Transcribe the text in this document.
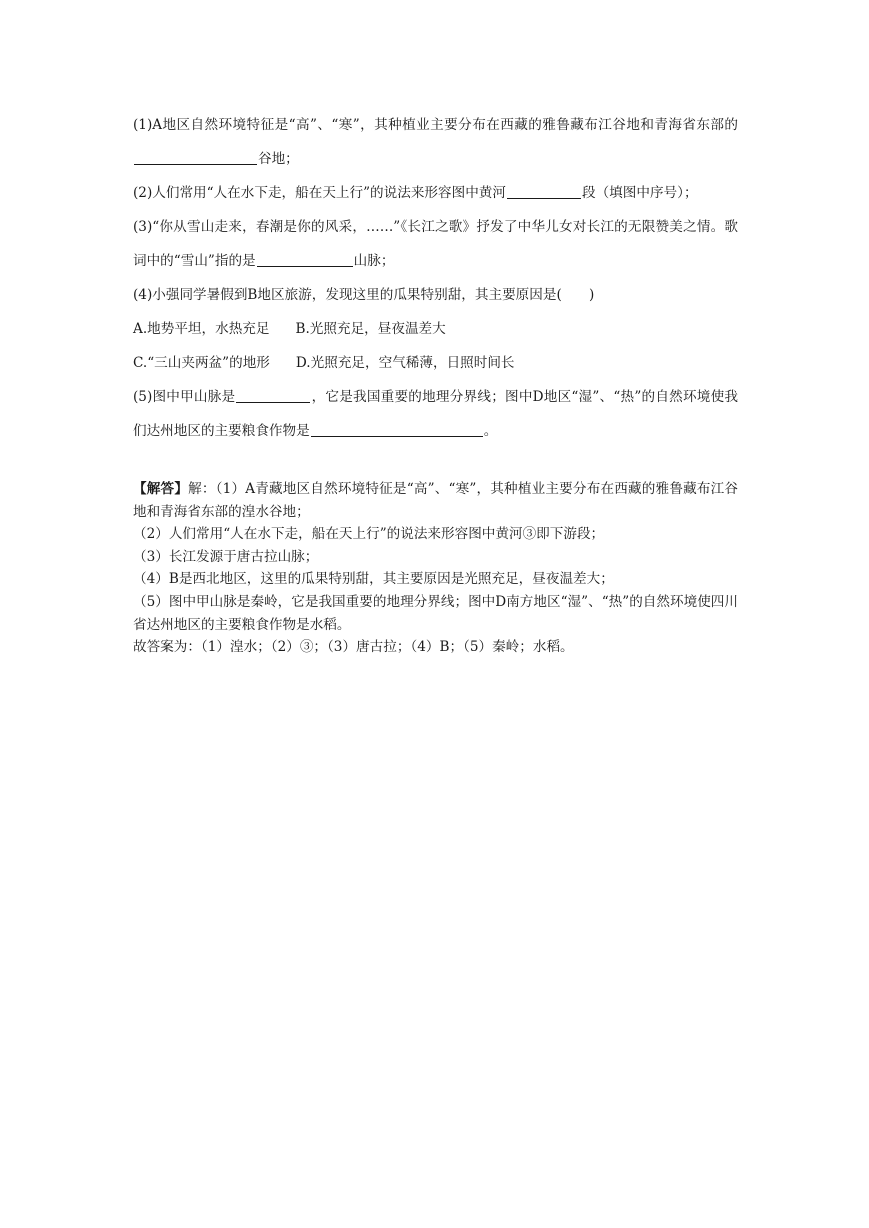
(1)A地区自然环境特征是“高”、“寒”，其种植业主要分布在西藏的雅鲁藏布江谷地和青海省东部的谷地；

(2)人们常用“人在水下走，船在天上行”的说法来形容图中黄河	段（填图中序号）；

(3)“你从雪山走来，春潮是你的风采，……”《长江之歌》抒发了中华儿女对长江的无限赞美之情。歌词中的“雪山”指的是	山脉；

(4)小强同学暑假到B地区旅游，发现这里的瓜果特别甜，其主要原因是(　　)

A.地势平坦，水热充足 B.光照充足，昼夜温差大

C.“三山夹两盆”的地形 D.光照充足，空气稀薄，日照时间长

(5)图中甲山脉是	，它是我国重要的地理分界线；图中D地区“湿”、“热”的自然环境使我们达州地区的主要粮食作物是	。

【解答】解：（1）A青藏地区自然环境特征是“高”、“寒”，其种植业主要分布在西藏的雅鲁藏布江谷地和青海省东部的湟水谷地；

（2）人们常用“人在水下走，船在天上行”的说法来形容图中黄河③即下游段；

（3）长江发源于唐古拉山脉；

（4）B是西北地区，这里的瓜果特别甜，其主要原因是光照充足，昼夜温差大；

（5）图中甲山脉是秦岭，它是我国重要的地理分界线；图中D南方地区“湿”、“热”的自然环境使四川省达州地区的主要粮食作物是水稻。

故答案为：（1）湟水；（2）③；（3）唐古拉；（4）B；（5）秦岭；水稻。
